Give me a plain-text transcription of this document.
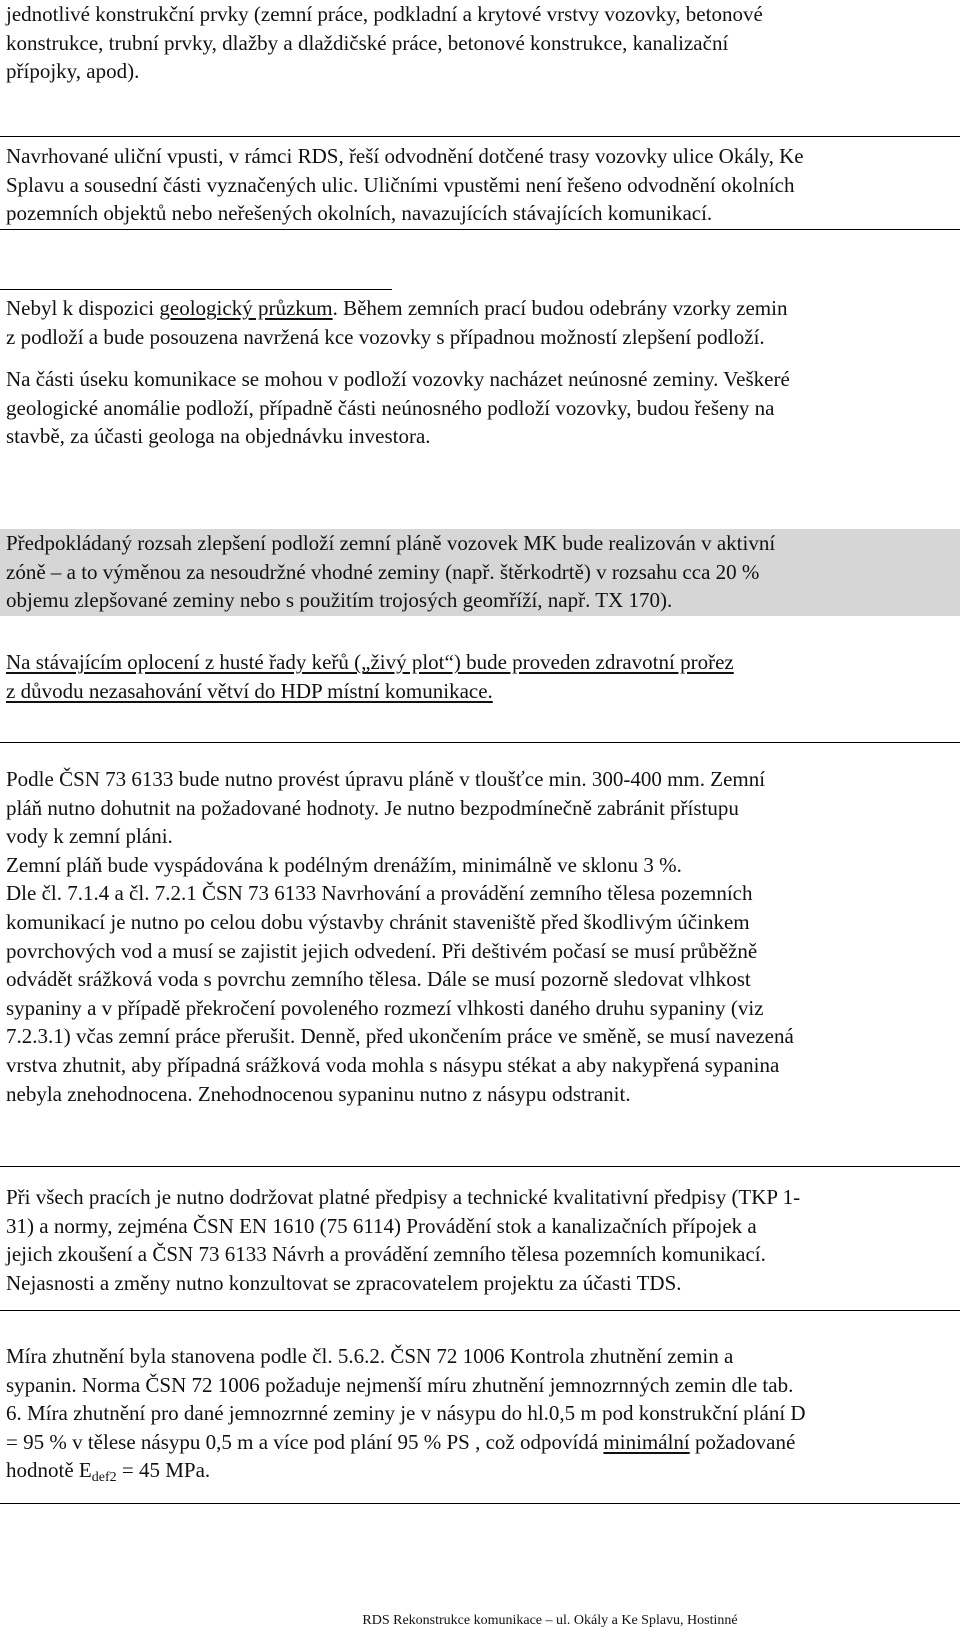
jednotlivé konstrukční prvky (zemní práce, podkladní a krytové vrstvy vozovky, betonové

konstrukce, trubní prvky, dlažby a dlaždičské práce, betonové konstrukce, kanalizační

přípojky, apod).

Navrhované uliční vpusti, v rámci RDS, řeší odvodnění dotčené trasy vozovky ulice Okály, Ke

Splavu a sousední části vyznačených ulic. Uličními vpustěmi není řešeno odvodnění okolních

pozemních objektů nebo neřešených okolních, navazujících stávajících komunikací.

Nebyl k dispozici geologický průzkum. Během zemních prací budou odebrány vzorky zemin

z podloží a bude posouzena navržená kce vozovky s případnou možností zlepšení podloží.

Na části úseku komunikace se mohou v podloží vozovky nacházet neúnosné zeminy. Veškeré

geologické anomálie podloží, případně části neúnosného podloží vozovky, budou řešeny na

stavbě, za účasti geologa na objednávku investora.

Předpokládaný rozsah zlepšení podloží zemní pláně vozovek MK bude realizován v aktivní

zóně – a to výměnou za nesoudržné vhodné zeminy (např. štěrkodrtě) v rozsahu cca 20 %

objemu zlepšované zeminy nebo s použitím trojosých geomříží, např. TX 170).

Na stávajícím oplocení z husté řady keřů („živý plot“) bude proveden zdravotní prořez

z důvodu nezasahování větví do HDP místní komunikace.

Podle ČSN 73 6133 bude nutno provést úpravu pláně v tloušťce min. 300-400 mm. Zemní

pláň nutno dohutnit na požadované hodnoty. Je nutno bezpodmínečně zabránit přístupu

vody k zemní pláni.

Zemní pláň bude vyspádována k podélným drenážím, minimálně ve sklonu 3 %.

Dle čl. 7.1.4 a čl. 7.2.1 ČSN 73 6133 Navrhování a provádění zemního tělesa pozemních

komunikací je nutno po celou dobu výstavby chránit staveniště před škodlivým účinkem

povrchových vod a musí se zajistit jejich odvedení. Při deštivém počasí se musí průběžně

odvádět srážková voda s povrchu zemního tělesa. Dále se musí pozorně sledovat vlhkost

sypaniny a v případě překročení povoleného rozmezí vlhkosti daného druhu sypaniny (viz

7.2.3.1) včas zemní práce přerušit. Denně, před ukončením práce ve směně, se musí navezená

vrstva zhutnit, aby případná srážková voda mohla s násypu stékat a aby nakypřená sypanina

nebyla znehodnocena. Znehodnocenou sypaninu nutno z násypu odstranit.

Při všech pracích je nutno dodržovat platné předpisy a technické kvalitativní předpisy (TKP 1-

31) a normy, zejména ČSN EN 1610 (75 6114) Provádění stok a kanalizačních přípojek a

jejich zkoušení a ČSN 73 6133 Návrh a provádění zemního tělesa pozemních komunikací.

Nejasnosti a změny nutno konzultovat se zpracovatelem projektu za účasti TDS.

Míra zhutnění byla stanovena podle čl. 5.6.2. ČSN 72 1006 Kontrola zhutnění zemin a

sypanin. Norma ČSN 72 1006 požaduje nejmenší míru zhutnění jemnozrnných zemin dle tab.

6. Míra zhutnění pro dané jemnozrnné zeminy je v násypu do hl.0,5 m pod konstrukční plání D

= 95 % v tělese násypu 0,5 m a více pod plání 95 % PS , což odpovídá minimální požadované

hodnotě $E_{def2} = 45$ MPa.

RDS Rekonstrukce komunikace – ul. Okály a Ke Splavu, Hostinné
